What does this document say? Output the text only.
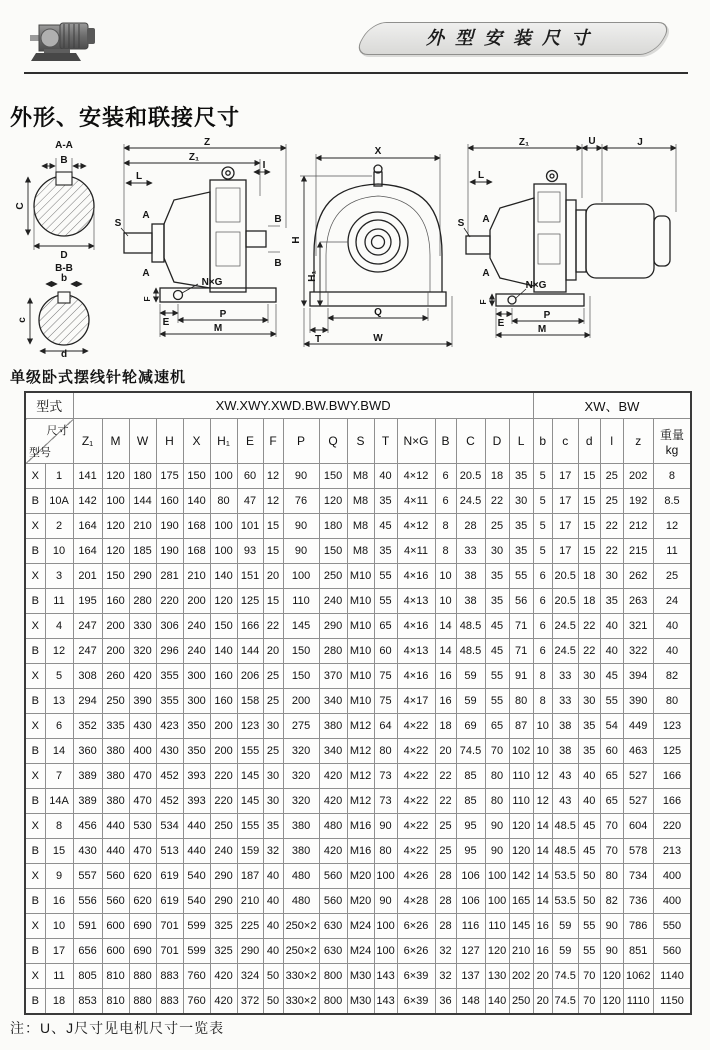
外型安装尺寸
外形、安装和联接尺寸
A-A
B
C
D
B-B
b
c
d
Z
Z₁
L
S
A
A
I
B
B
N×G
F
E
P
M
X
H
H₁
Q
T	W
Z₁	U	J
L
S A
A
N×G
F
E
P
M
单级卧式摆线针轮减速机
型式		XW.XWY.XWD.BW.BWY.BWD																	XW、BW					

尺寸
型号		Z₁	M	W	H	X	H₁	E	F	P	Q	S	T	N×G	B	C	D	L	b	c	d	l	z	重量kg
X	1	141	120	180	175	150	100	60	12	90	150	M8	40	4×12	6	20.5	18	35	5	17	15	25	202	8
B	10A	142	100	144	160	140	80	47	12	76	120	M8	35	4×11	6	24.5	22	30	5	17	15	25	192	8.5
X	2	164	120	210	190	168	100	101	15	90	180	M8	45	4×12	8	28	25	35	5	17	15	22	212	12
B	10	164	120	185	190	168	100	93	15	90	150	M8	35	4×11	8	33	30	35	5	17	15	22	215	11
X	3	201	150	290	281	210	140	151	20	100	250	M10	55	4×16	10	38	35	55	6	20.5	18	30	262	25
B	11	195	160	280	220	200	120	125	15	110	240	M10	55	4×13	10	38	35	56	6	20.5	18	35	263	24
X	4	247	200	330	306	240	150	166	22	145	290	M10	65	4×16	14	48.5	45	71	6	24.5	22	40	321	40
B	12	247	200	320	296	240	140	144	20	150	280	M10	60	4×13	14	48.5	45	71	6	24.5	22	40	322	40
X	5	308	260	420	355	300	160	206	25	150	370	M10	75	4×16	16	59	55	91	8	33	30	45	394	82
B	13	294	250	390	355	300	160	158	25	200	340	M10	75	4×17	16	59	55	80	8	33	30	55	390	80
X	6	352	335	430	423	350	200	123	30	275	380	M12	64	4×22	18	69	65	87	10	38	35	54	449	123
B	14	360	380	400	430	350	200	155	25	320	340	M12	80	4×22	20	74.5	70	102	10	38	35	60	463	125
X	7	389	380	470	452	393	220	145	30	320	420	M12	73	4×22	22	85	80	110	12	43	40	65	527	166
B	14A	389	380	470	452	393	220	145	30	320	420	M12	73	4×22	22	85	80	110	12	43	40	65	527	166
X	8	456	440	530	534	440	250	155	35	380	480	M16	90	4×22	25	95	90	120	14	48.5	45	70	604	220
B	15	430	440	470	513	440	240	159	32	380	420	M16	80	4×22	25	95	90	120	14	48.5	45	70	578	213
X	9	557	560	620	619	540	290	187	40	480	560	M20	100	4×26	28	106	100	142	14	53.5	50	80	734	400
B	16	556	560	620	619	540	290	210	40	480	560	M20	90	4×28	28	106	100	165	14	53.5	50	82	736	400
X	10	591	600	690	701	599	325	225	40	250×2	630	M24	100	6×26	28	116	110	145	16	59	55	90	786	550
B	17	656	600	690	701	599	325	290	40	250×2	630	M24	100	6×26	32	127	120	210	16	59	55	90	851	560
X	11	805	810	880	883	760	420	324	50	330×2	800	M30	143	6×39	32	137	130	202	20	74.5	70	120	1062	1140
B	18	853	810	880	883	760	420	372	50	330×2	800	M30	143	6×39	36	148	140	250	20	74.5	70	120	1110	1150
注：U、J尺寸见电机尺寸一览表
